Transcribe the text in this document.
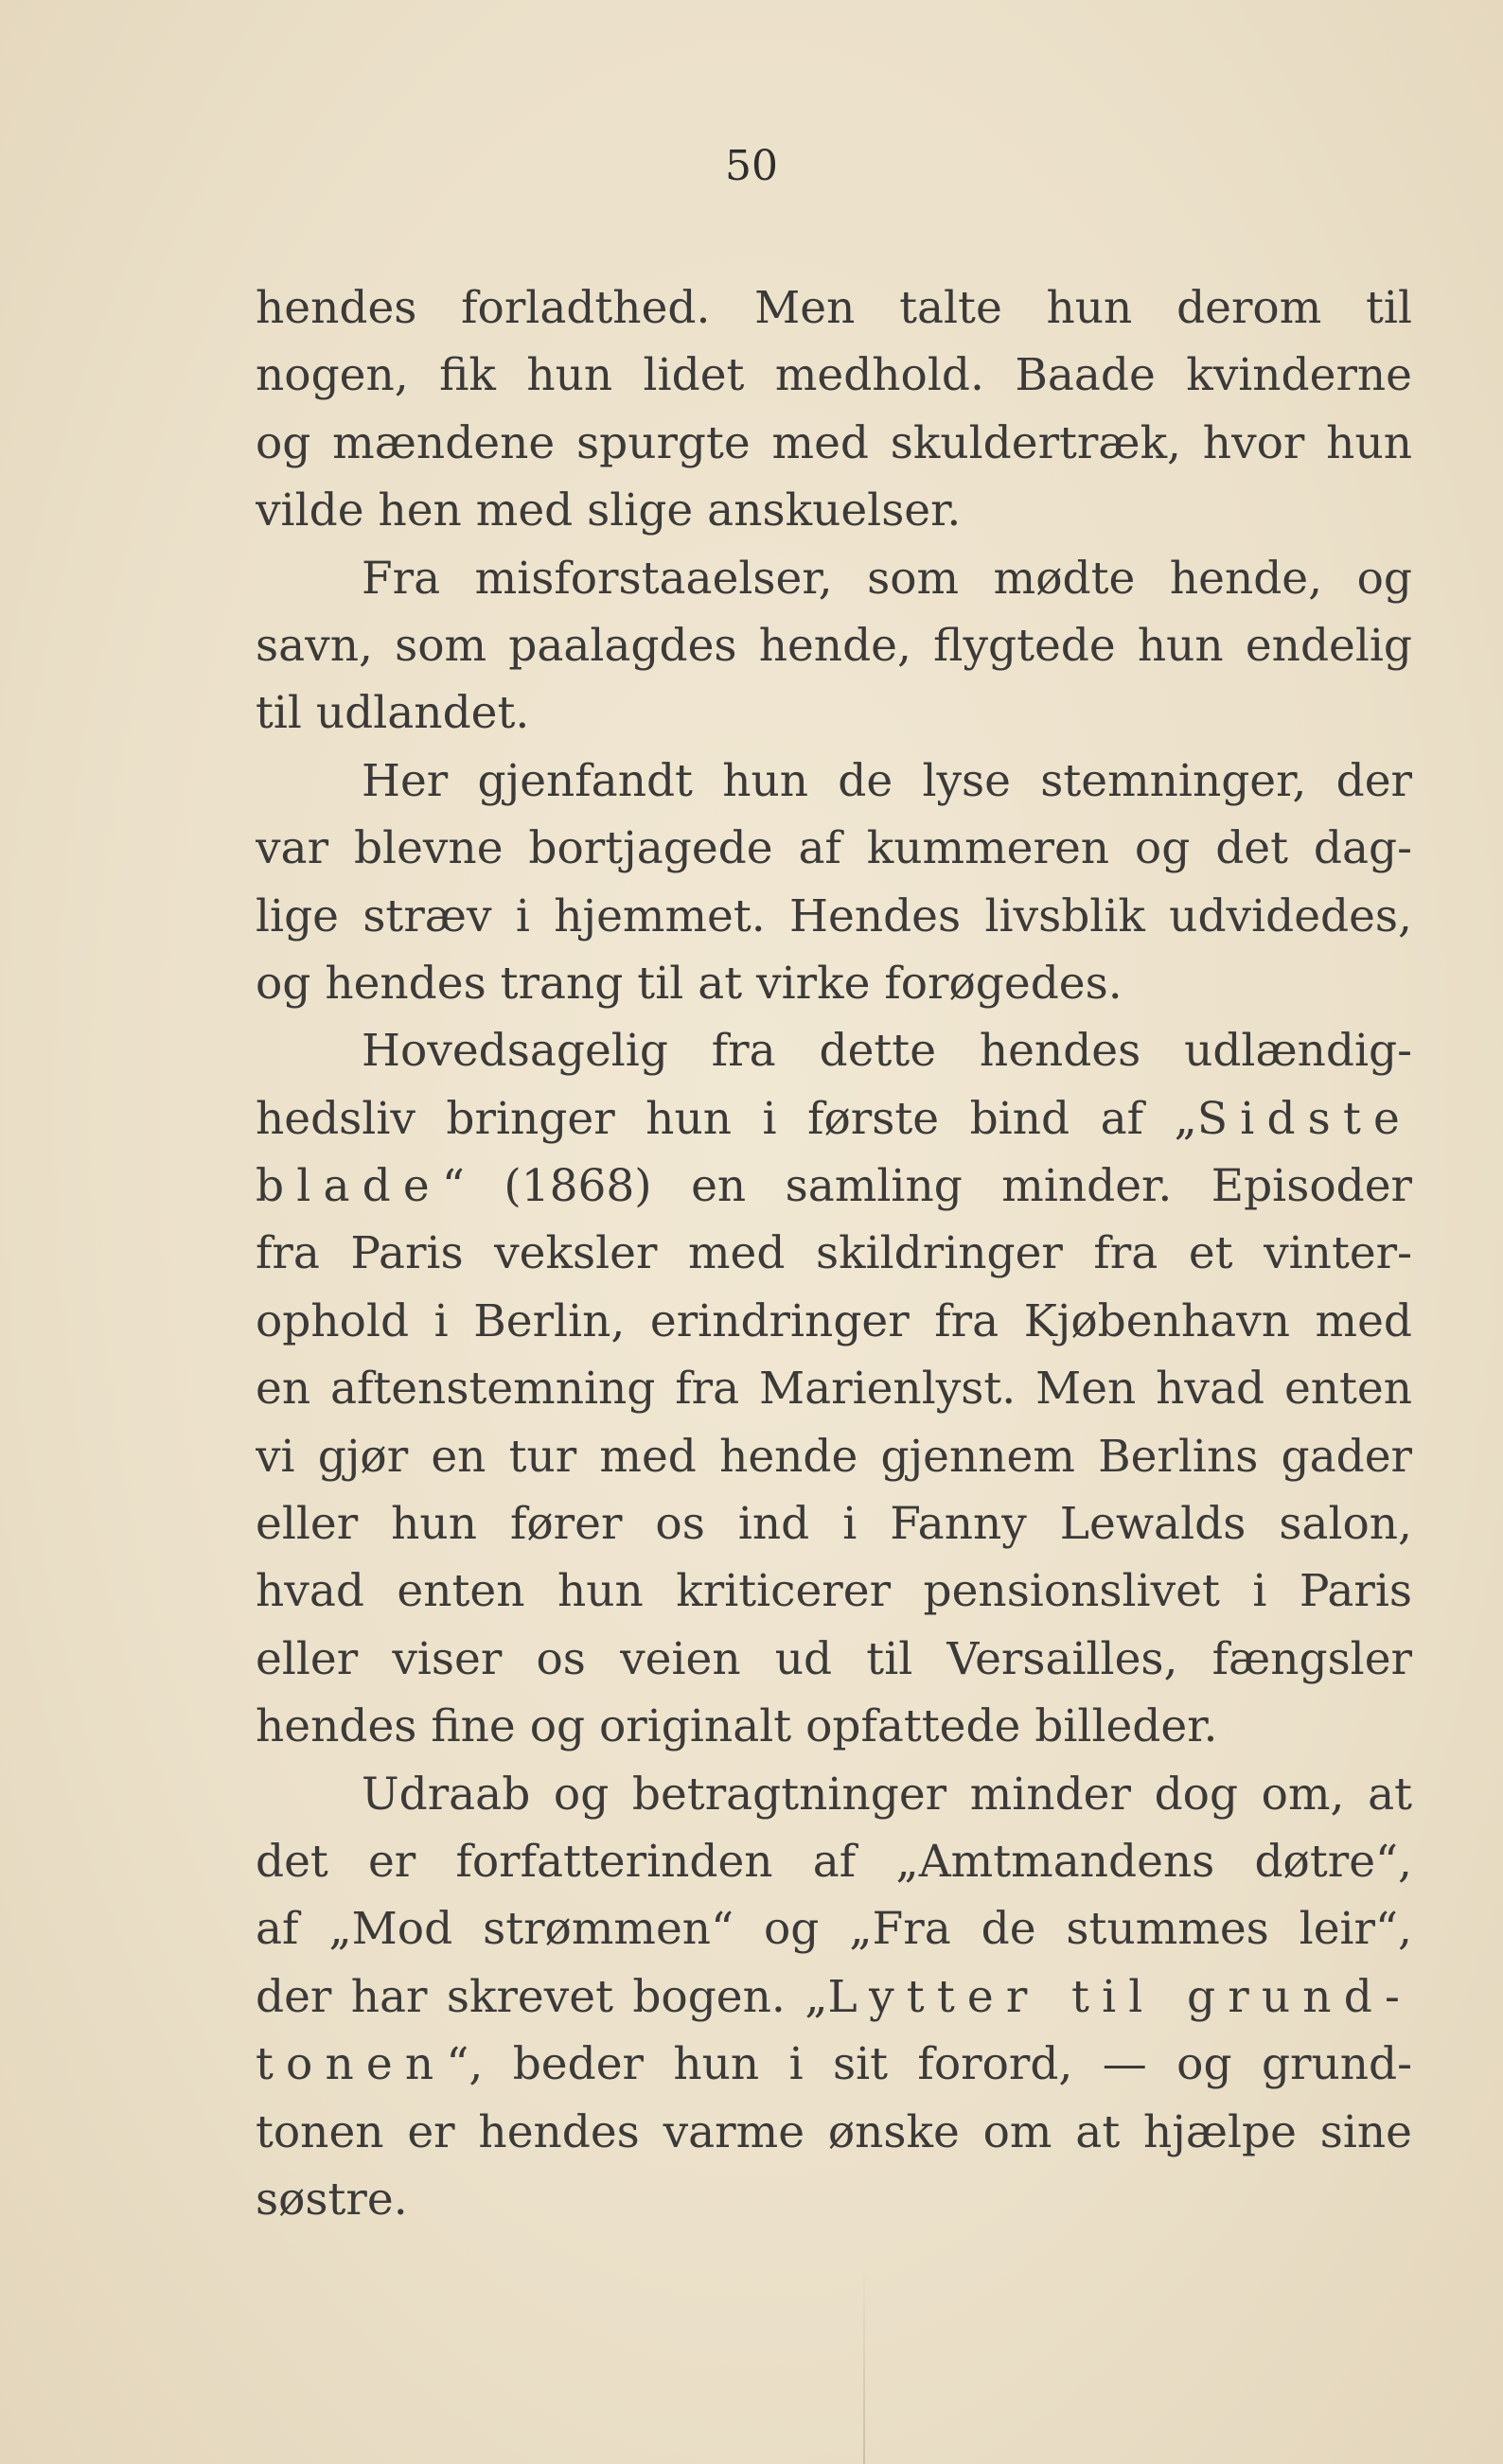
50
hendes forladthed. Men talte hun derom til
nogen, fik hun lidet medhold. Baade kvinderne
og mændene spurgte med skuldertræk, hvor hun
vilde hen med slige anskuelser.
Fra misforstaaelser, som mødte hende, og
savn, som paalagdes hende, flygtede hun endelig
til udlandet.
Her gjenfandt hun de lyse stemninger, der
var blevne bortjagede af kummeren og det dag-
lige stræv i hjemmet. Hendes livsblik udvidedes,
og hendes trang til at virke forøgedes.
Hovedsagelig fra dette hendes udlændig-
hedsliv bringer hun i første bind af „Sidste
blade“ (1868) en samling minder. Episoder
fra Paris veksler med skildringer fra et vinter-
ophold i Berlin, erindringer fra Kjøbenhavn med
en aftenstemning fra Marienlyst. Men hvad enten
vi gjør en tur med hende gjennem Berlins gader
eller hun fører os ind i Fanny Lewalds salon,
hvad enten hun kriticerer pensionslivet i Paris
eller viser os veien ud til Versailles, fængsler
hendes fine og originalt opfattede billeder.
Udraab og betragtninger minder dog om, at
det er forfatterinden af „Amtmandens døtre“,
af „Mod strømmen“ og „Fra de stummes leir“,
der har skrevet bogen. „Lytter til grund-
tonen“, beder hun i sit forord, — og grund-
tonen er hendes varme ønske om at hjælpe sine
søstre.
